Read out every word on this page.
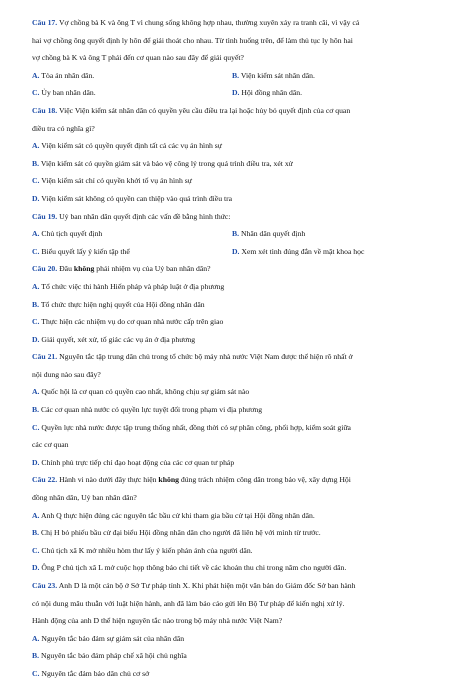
Câu 17. Vợ chồng bà K và ông T vì chung sống không hợp nhau, thường xuyên xảy ra tranh cãi, vì vậy cả
hai vợ chồng ông quyết định ly hôn để giải thoát cho nhau. Từ tình huống trên, để làm thủ tục ly hôn hai
vợ chồng bà K và ông T phải đến cơ quan nào sau đây để giải quyết?
A. Tòa án nhân dân.	B. Viện kiểm sát nhân dân.
C. Ủy ban nhân dân.	D. Hội đồng nhân dân.
Câu 18. Việc Viện kiểm sát nhân dân có quyền yêu cầu điều tra lại hoặc hủy bỏ quyết định của cơ quan
điều tra có nghĩa gì?
A. Viện kiểm sát có quyền quyết định tất cả các vụ án hình sự
B. Viện kiểm sát có quyền giám sát và bảo vệ công lý trong quá trình điều tra, xét xử
C. Viện kiểm sát chỉ có quyền khởi tố vụ án hình sự
D. Viện kiểm sát không có quyền can thiệp vào quá trình điều tra
Câu 19. Uỷ ban nhân dân quyết định các vấn đề bằng hình thức:
A. Chủ tịch quyết định	B. Nhân dân quyết định
C. Biểu quyết lấy ý kiến tập thể	D. Xem xét tình đúng đắn về mặt khoa học
Câu 20. Đâu không phải nhiệm vụ của Uỷ ban nhân dân?
A. Tổ chức việc thi hành Hiến pháp và pháp luật ở địa phương
B. Tổ chức thực hiện nghị quyết của Hội đồng nhân dân
C. Thực hiện các nhiệm vụ do cơ quan nhà nước cấp trên giao
D. Giải quyết, xét xử, tố giác các vụ án ở địa phương
Câu 21. Nguyên tắc tập trung dân chủ trong tổ chức bộ máy nhà nước Việt Nam được thể hiện rõ nhất ở
nội dung nào sau đây?
A. Quốc hội là cơ quan có quyền cao nhất, không chịu sự giám sát nào
B. Các cơ quan nhà nước có quyền lực tuyệt đối trong phạm vi địa phương
C. Quyền lực nhà nước được tập trung thống nhất, đồng thời có sự phân công, phối hợp, kiểm soát giữa
các cơ quan
D. Chính phủ trực tiếp chỉ đạo hoạt động của các cơ quan tư pháp
Câu 22. Hành vi nào dưới đây thực hiện không đúng trách nhiệm công dân trong bảo vệ, xây dựng Hội
đồng nhân dân, Uỷ ban nhân dân?
A. Anh Q thực hiện đúng các nguyên tắc bầu cử khi tham gia bầu cử tại Hội đồng nhân dân.
B. Chị H bỏ phiếu bầu cử đại biểu Hội đồng nhân dân cho người đã liên hệ với mình từ trước.
C. Chú tịch xã K mở nhiều hòm thư lấy ý kiến phản ánh của người dân.
D. Ông P chủ tịch xã L mở cuộc họp thông báo chi tiết về các khoản thu chi trong năm cho người dân.
Câu 23. Anh D là một cán bộ ở Sở Tư pháp tỉnh X. Khi phát hiện một văn bản do Giám đốc Sở ban hành
có nội dung mâu thuẫn với luật hiện hành, anh đã làm báo cáo gửi lên Bộ Tư pháp để kiến nghị xử lý.
Hành động của anh D thể hiện nguyên tắc nào trong bộ máy nhà nước Việt Nam?
A. Nguyên tắc bảo đảm sự giám sát của nhân dân
B. Nguyên tắc bảo đảm pháp chế xã hội chủ nghĩa
C. Nguyên tắc đảm bảo dân chủ cơ sở
